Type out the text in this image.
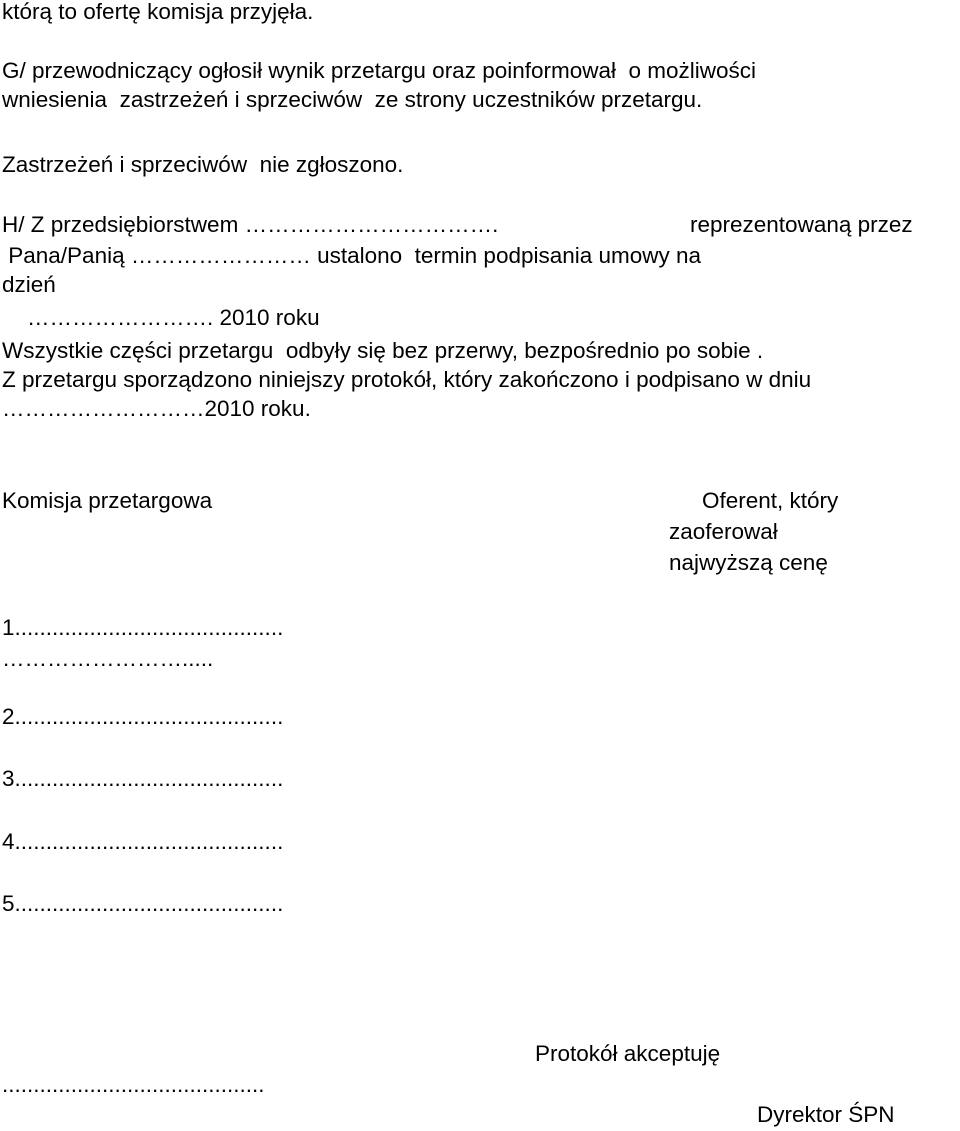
którą to ofertę komisja przyjęła.
G/ przewodniczący ogłosił wynik przetargu oraz poinformował  o możliwości
wniesienia  zastrzeżeń i sprzeciwów  ze strony uczestników przetargu.
Zastrzeżeń i sprzeciwów  nie zgłoszono.
H/ Z przedsiębiorstwem …………………………….	reprezentowaną przez
Pana/Panią …………………… ustalono  termin podpisania umowy na
dzień
……………………. 2010 roku
Wszystkie części przetargu  odbyły się bez przerwy, bezpośrednio po sobie .
Z przetargu sporządzono niniejszy protokół, który zakończono i podpisano w dniu
………………………2010 roku.
Komisja przetargowa	Oferent, który
zaoferował
najwyższą cenę
1...........................................
…………………….....
2...........................................
3...........................................
4...........................................
5...........................................
Protokół akceptuję
..........................................
Dyrektor ŚPN
